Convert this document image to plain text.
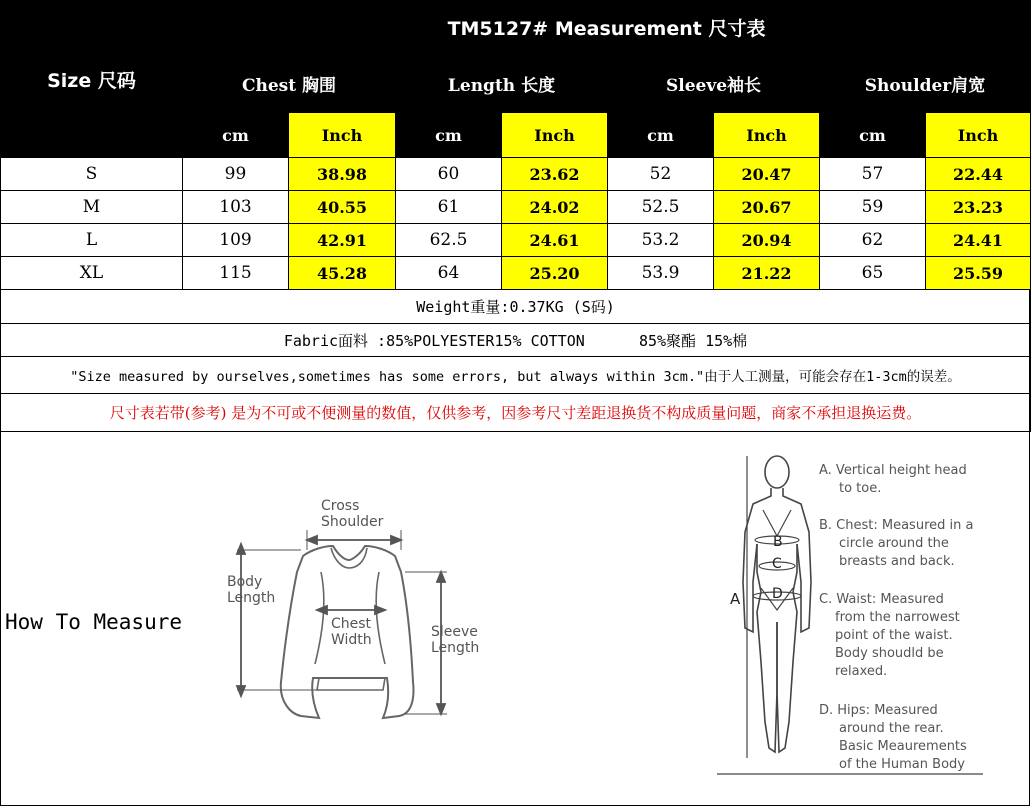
Size 尺码	TM5127# Measurement 尺寸表							
	Chest 胸围		Length 长度		Sleeve袖长		Shoulder肩宽	
	cm	Inch	cm	Inch	cm	Inch	cm	Inch
S	99	38.98	60	23.62	52	20.47	57	22.44
M	103	40.55	61	24.02	52.5	20.67	59	23.23
L	109	42.91	62.5	24.61	53.2	20.94	62	24.41
XL	115	45.28	64	25.20	53.9	21.22	65	25.59
Weight重量:0.37KG (S码)								
Fabric面料 :85%POLYESTER15% COTTON      85%聚酯 15%棉								
"Size measured by ourselves,sometimes has some errors, but always within 3cm."由于人工测量，可能会存在1-3cm的误差。								
尺寸表若带(参考) 是为不可或不便测量的数值，仅供参考，因参考尺寸差距退换货不构成质量问题，商家不承担退换运费。								
How To Measure
Cross
Shoulder
Body
Length
Chest
Width	Sleeve
Length
B
C
D
A
A. Vertical height head
to toe.
B. Chest: Measured in a
circle around the
breasts and back.
C. Waist: Measured
from the narrowest
point of the waist.
Body shoudld be
relaxed.
D. Hips: Measured
around the rear.
Basic Meaurements
of the Human Body
